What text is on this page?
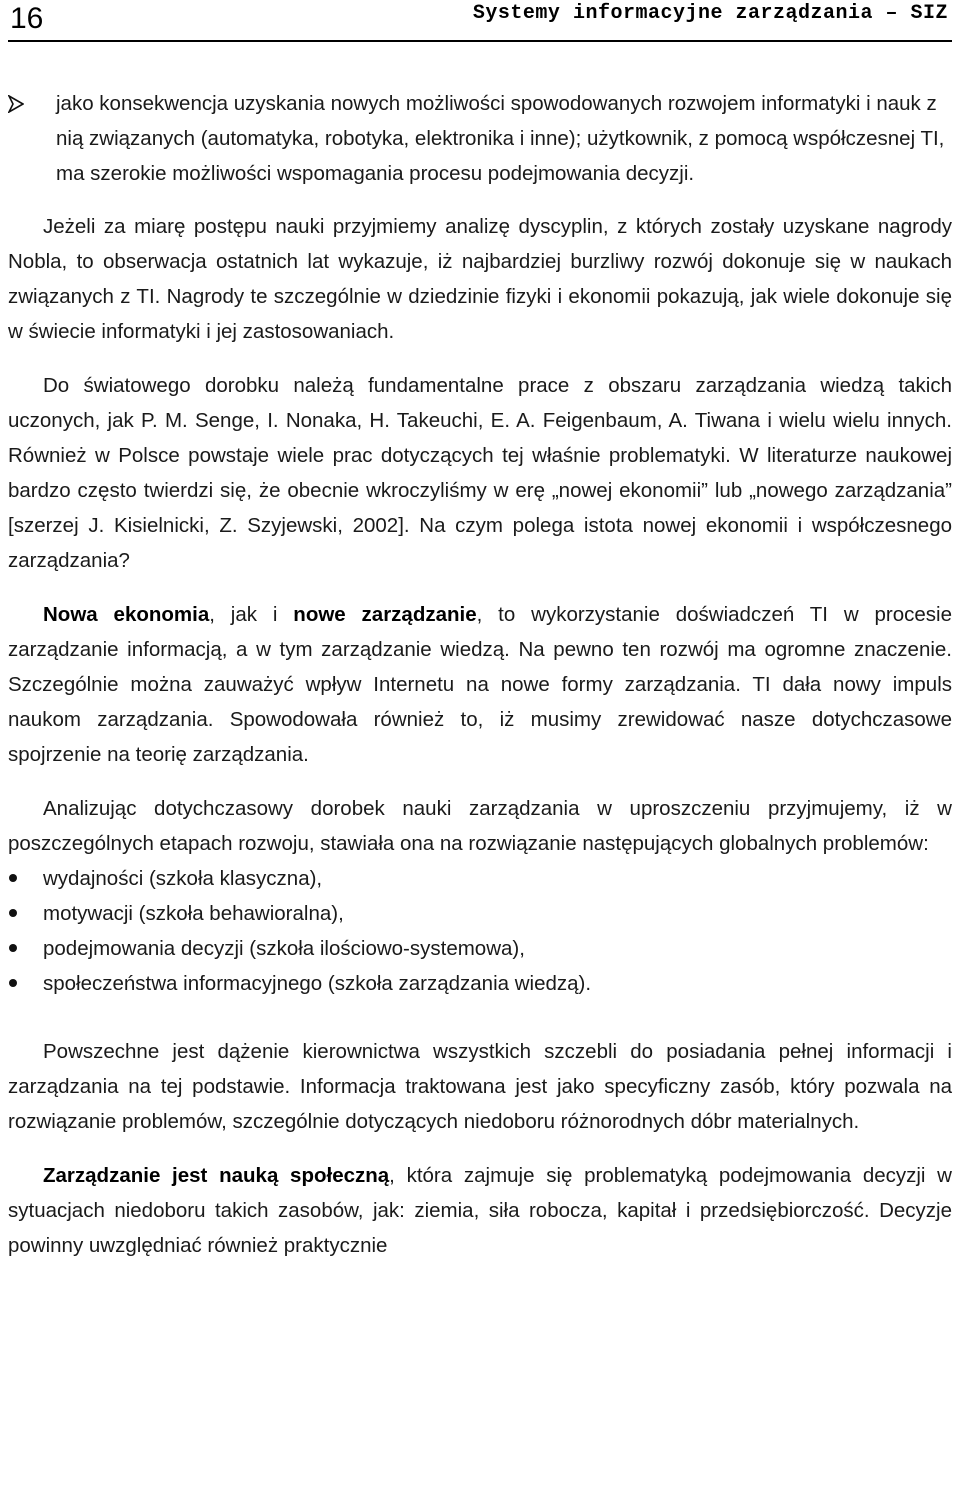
16	Systemy informacyjne zarządzania – SIZ

jako konsekwencja uzyskania nowych możliwości spowodowanych rozwojem informatyki i nauk z nią związanych (automatyka, robotyka, elektronika i inne); użytkownik, z pomocą współczesnej TI, ma szerokie możliwości wspomagania procesu podejmowania decyzji.

Jeżeli za miarę postępu nauki przyjmiemy analizę dyscyplin, z których zostały uzyskane nagrody Nobla, to obserwacja ostatnich lat wykazuje, iż najbardziej burzliwy rozwój dokonuje się w naukach związanych z TI. Nagrody te szczególnie w dziedzinie fizyki i ekonomii pokazują, jak wiele dokonuje się w świecie informatyki i jej zastosowaniach.

Do światowego dorobku należą fundamentalne prace z obszaru zarządzania wiedzą takich uczonych, jak P. M. Senge, I. Nonaka, H. Takeuchi, E. A. Feigenbaum, A. Tiwana i wielu wielu innych. Również w Polsce powstaje wiele prac dotyczących tej właśnie problematyki. W literaturze naukowej bardzo często twierdzi się, że obecnie wkroczyliśmy w erę „nowej ekonomii” lub „nowego zarządzania” [szerzej J. Kisielnicki, Z. Szyjewski, 2002]. Na czym polega istota nowej ekonomii i współczesnego zarządzania?

Nowa ekonomia, jak i nowe zarządzanie, to wykorzystanie doświadczeń TI w procesie zarządzanie informacją, a w tym zarządzanie wiedzą. Na pewno ten rozwój ma ogromne znaczenie. Szczególnie można zauważyć wpływ Internetu na nowe formy zarządzania. TI dała nowy impuls naukom zarządzania. Spowodowała również to, iż musimy zrewidować nasze dotychczasowe spojrzenie na teorię zarządzania.

Analizując dotychczasowy dorobek nauki zarządzania w uproszczeniu przyjmujemy, iż w poszczególnych etapach rozwoju, stawiała ona na rozwiązanie następujących globalnych problemów:

wydajności (szkoła klasyczna),
motywacji (szkoła behawioralna),
podejmowania decyzji (szkoła ilościowo-systemowa),
społeczeństwa informacyjnego (szkoła zarządzania wiedzą).

Powszechne jest dążenie kierownictwa wszystkich szczebli do posiadania pełnej informacji i zarządzania na tej podstawie. Informacja traktowana jest jako specyficzny zasób, który pozwala na rozwiązanie problemów, szczególnie dotyczących niedoboru różnorodnych dóbr materialnych.

Zarządzanie jest nauką społeczną, która zajmuje się problematyką podejmowania decyzji w sytuacjach niedoboru takich zasobów, jak: ziemia, siła robocza, kapitał i przedsiębiorczość. Decyzje powinny uwzględniać również praktycznie
